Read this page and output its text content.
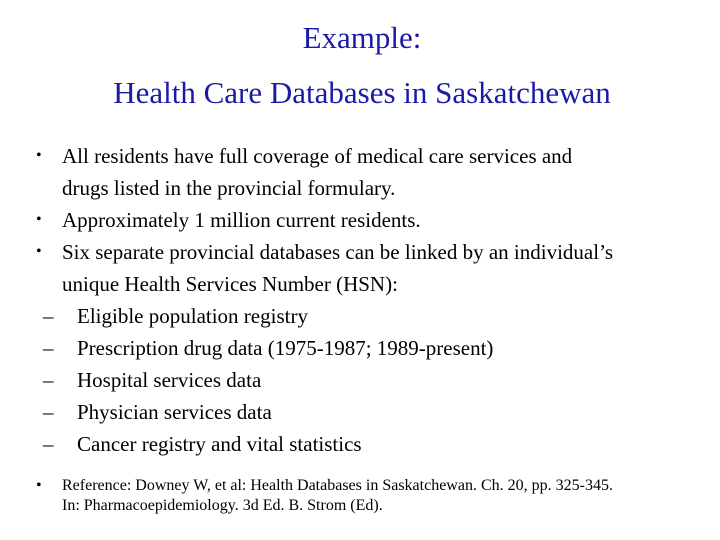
Example:
Health Care Databases in Saskatchewan
• All residents have full coverage of medical care services and
drugs listed in the provincial formulary.
• Approximately 1 million current residents.
• Six separate provincial databases can be linked by an individual’s
unique Health Services Number (HSN):
– Eligible population registry
– Prescription drug data (1975-1987; 1989-present)
– Hospital services data
– Physician services data
– Cancer registry and vital statistics
• Reference: Downey W, et al: Health Databases in Saskatchewan. Ch. 20, pp. 325-345.
In: Pharmacoepidemiology. 3d Ed. B. Strom (Ed).
